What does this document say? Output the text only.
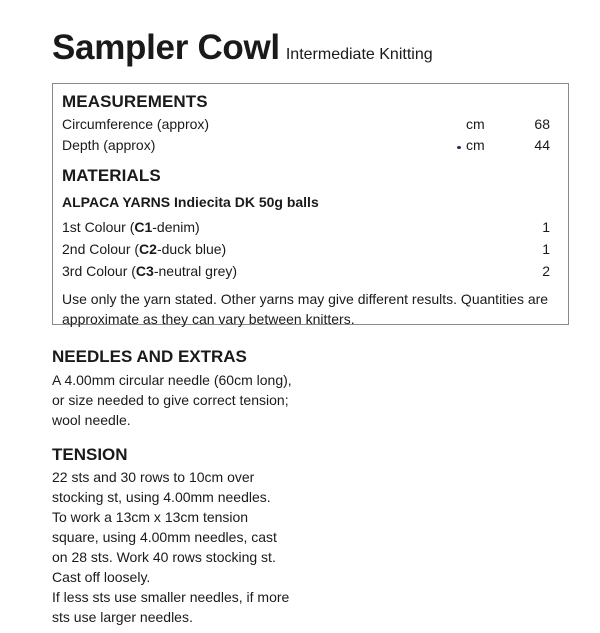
Sampler Cowl Intermediate Knitting
MEASUREMENTS
Circumference (approx)	cm	68
Depth (approx)	cm	44
MATERIALS
ALPACA YARNS Indiecita DK 50g balls
1st Colour (C1-denim)	1
2nd Colour (C2-duck blue)	1
3rd Colour (C3-neutral grey)	2
Use only the yarn stated. Other yarns may give different results. Quantities are approximate as they can vary between knitters.
NEEDLES AND EXTRAS
A 4.00mm circular needle (60cm long),
or size needed to give correct tension;
wool needle.
TENSION
22 sts and 30 rows to 10cm over
stocking st, using 4.00mm needles.
To work a 13cm x 13cm tension
square, using 4.00mm needles, cast
on 28 sts. Work 40 rows stocking st.
Cast off loosely.
If less sts use smaller needles, if more
sts use larger needles.
